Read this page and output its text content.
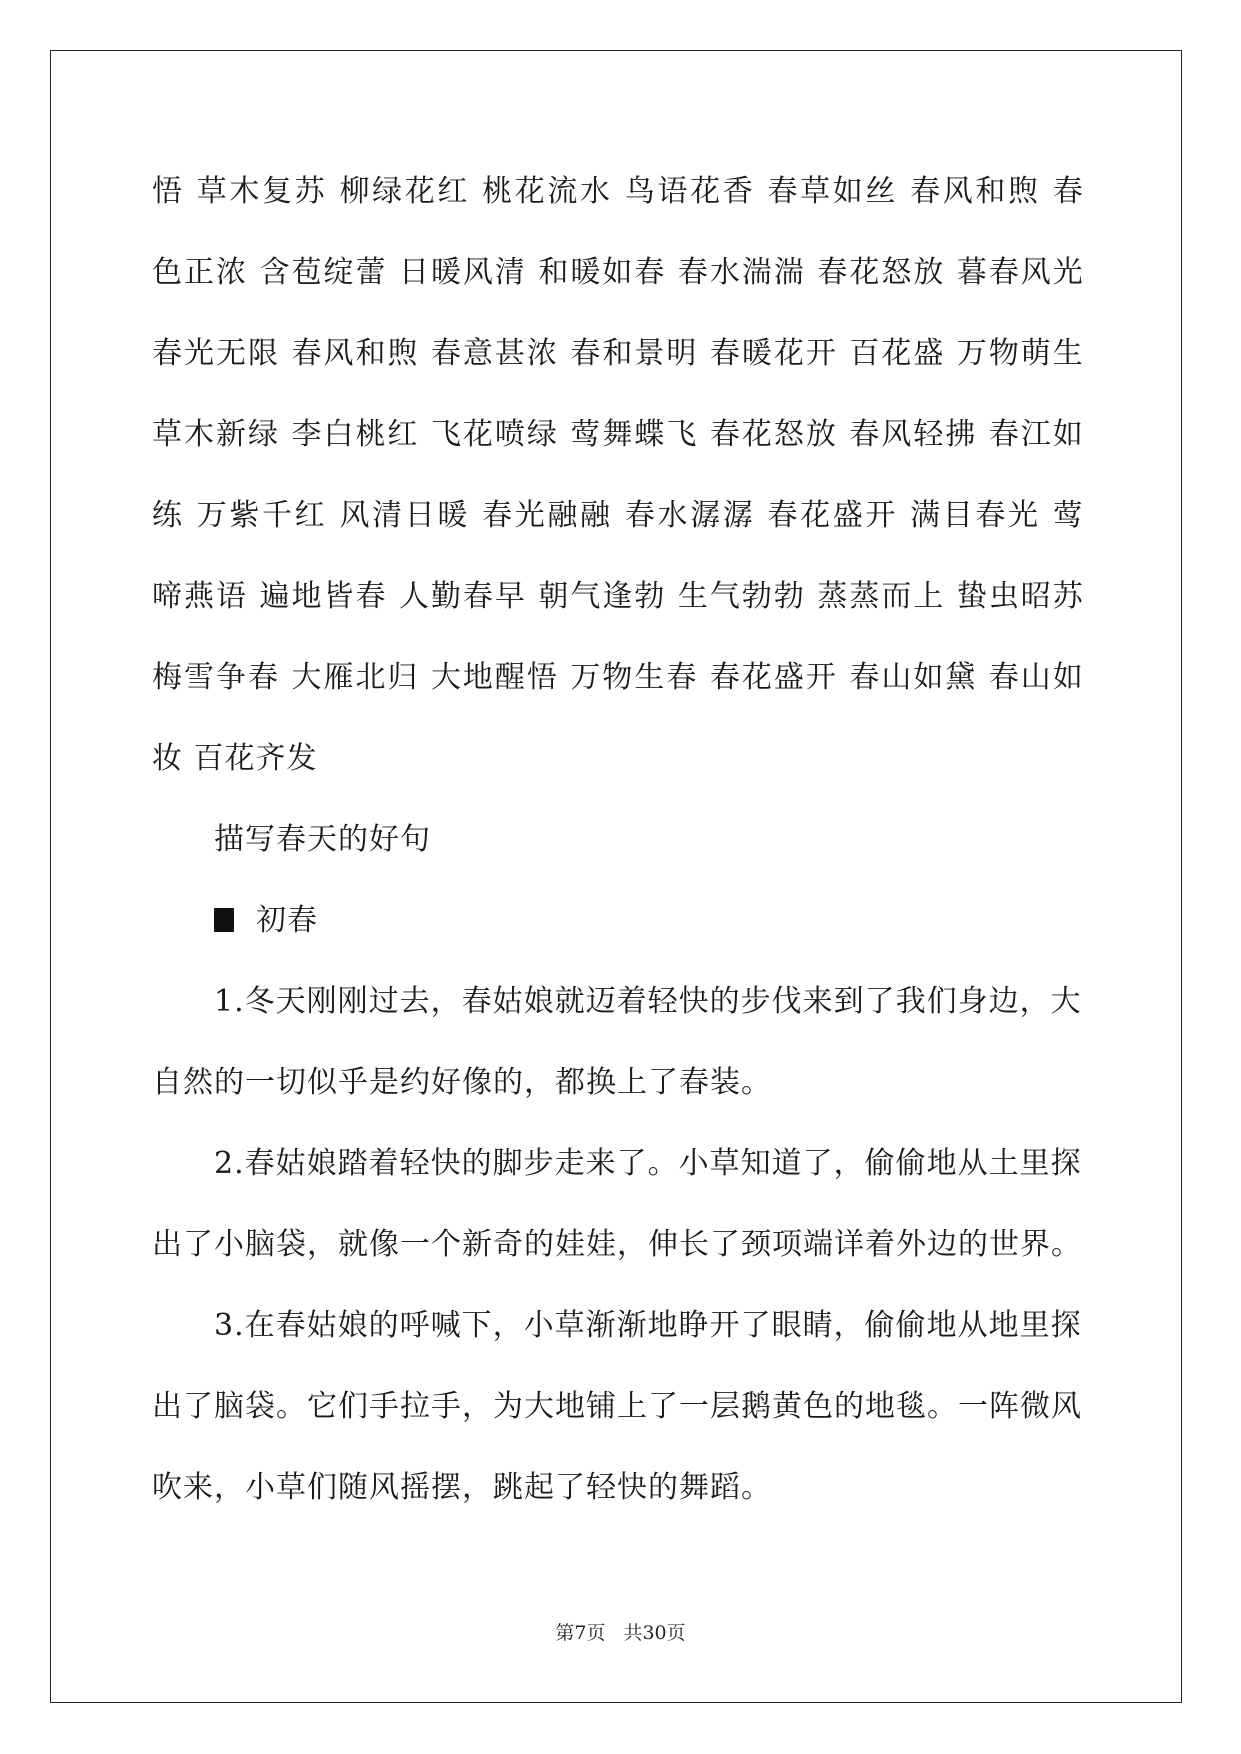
悟
草 木 复 苏
柳 绿 花 红
桃 花 流 水
鸟 语 花 香
春 草 如 丝
春 风 和 煦
春
色 正 浓
含 苞 绽 蕾
日 暖 风 清
和 暖 如 春
春 水 湍 湍
春 花 怒 放
暮 春 风 光
春 光 无 限
春 风 和 煦
春 意 甚 浓
春 和 景 明
春 暖 花 开
百 花 盛
万 物 萌 生
草 木 新 绿
李 白 桃 红
飞 花 喷 绿
莺 舞 蝶 飞
春 花 怒 放
春 风 轻 拂
春 江 如
练
万 紫 千 红
风 清 日 暖
春 光 融 融
春 水 潺 潺
春 花 盛 开
满 目 春 光
莺
啼 燕 语
遍 地 皆 春
人 勤 春 早
朝 气 逢 勃
生 气 勃 勃
蒸 蒸 而 上
蛰 虫 昭 苏
梅 雪 争 春
大 雁 北 归
大 地 醒 悟
万 物 生 春
春 花 盛 开
春 山 如 黛
春 山 如
妆 百花齐发
描写春天的好句
初春
1.冬天刚刚过去，春姑娘就迈着轻快的步伐来到了我们身边，大
自然的一切似乎是约好像的，都换上了春装。
2.春姑娘踏着轻快的脚步走来了。小草知道了，偷偷地从土里探
出了小脑袋，就像一个新奇的娃娃，伸长了颈项端详着外边的世界。
3.在春姑娘的呼喊下，小草渐渐地睁开了眼睛，偷偷地从地里探
出了脑袋。它们手拉手，为大地铺上了一层鹅黄色的地毯。一阵微风
吹来，小草们随风摇摆，跳起了轻快的舞蹈。
第7页 共30页
